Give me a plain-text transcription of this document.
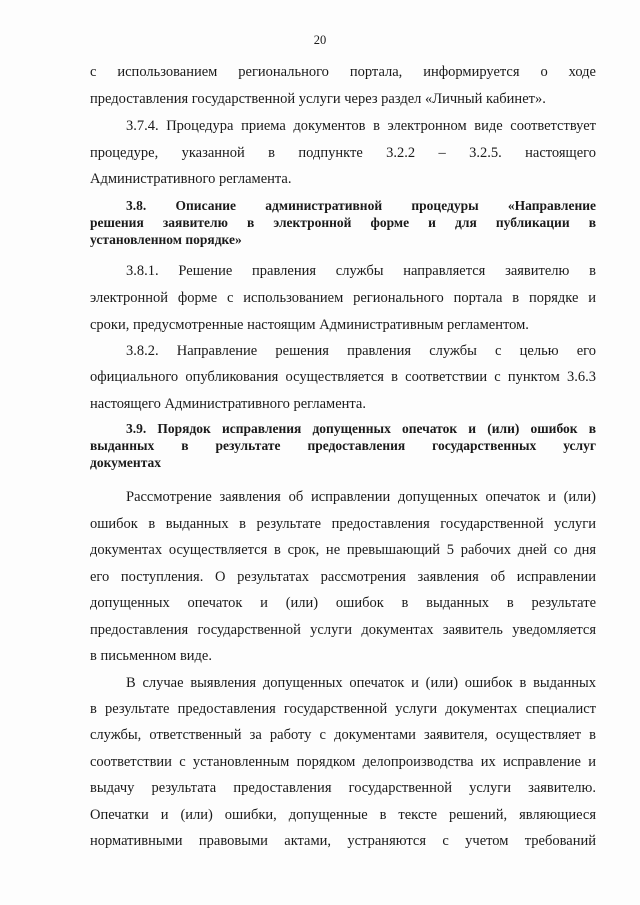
20
с использованием регионального портала, информируется о ходе
предоставления государственной услуги через раздел «Личный кабинет».
3.7.4. Процедура приема документов в электронном виде соответствует
процедуре, указанной в подпункте 3.2.2 – 3.2.5. настоящего
Административного регламента.
3.8. Описание административной процедуры «Направление
решения заявителю в электронной форме и для публикации в
установленном порядке»
3.8.1. Решение правления службы направляется заявителю в
электронной форме с использованием регионального портала в порядке и
сроки, предусмотренные настоящим Административным регламентом.
3.8.2. Направление решения правления службы с целью его
официального опубликования осуществляется в соответствии с пунктом 3.6.3
настоящего Административного регламента.
3.9. Порядок исправления допущенных опечаток и (или) ошибок в
выданных в результате предоставления государственных услуг
документах
Рассмотрение заявления об исправлении допущенных опечаток и (или)
ошибок в выданных в результате предоставления государственной услуги
документах осуществляется в срок, не превышающий 5 рабочих дней со дня
его поступления. О результатах рассмотрения заявления об исправлении
допущенных опечаток и (или) ошибок в выданных в результате
предоставления государственной услуги документах заявитель уведомляется
в письменном виде.
В случае выявления допущенных опечаток и (или) ошибок в выданных
в результате предоставления государственной услуги документах специалист
службы, ответственный за работу с документами заявителя, осуществляет в
соответствии с установленным порядком делопроизводства их исправление и
выдачу результата предоставления государственной услуги заявителю.
Опечатки и (или) ошибки, допущенные в тексте решений, являющиеся
нормативными правовыми актами, устраняются с учетом требований
